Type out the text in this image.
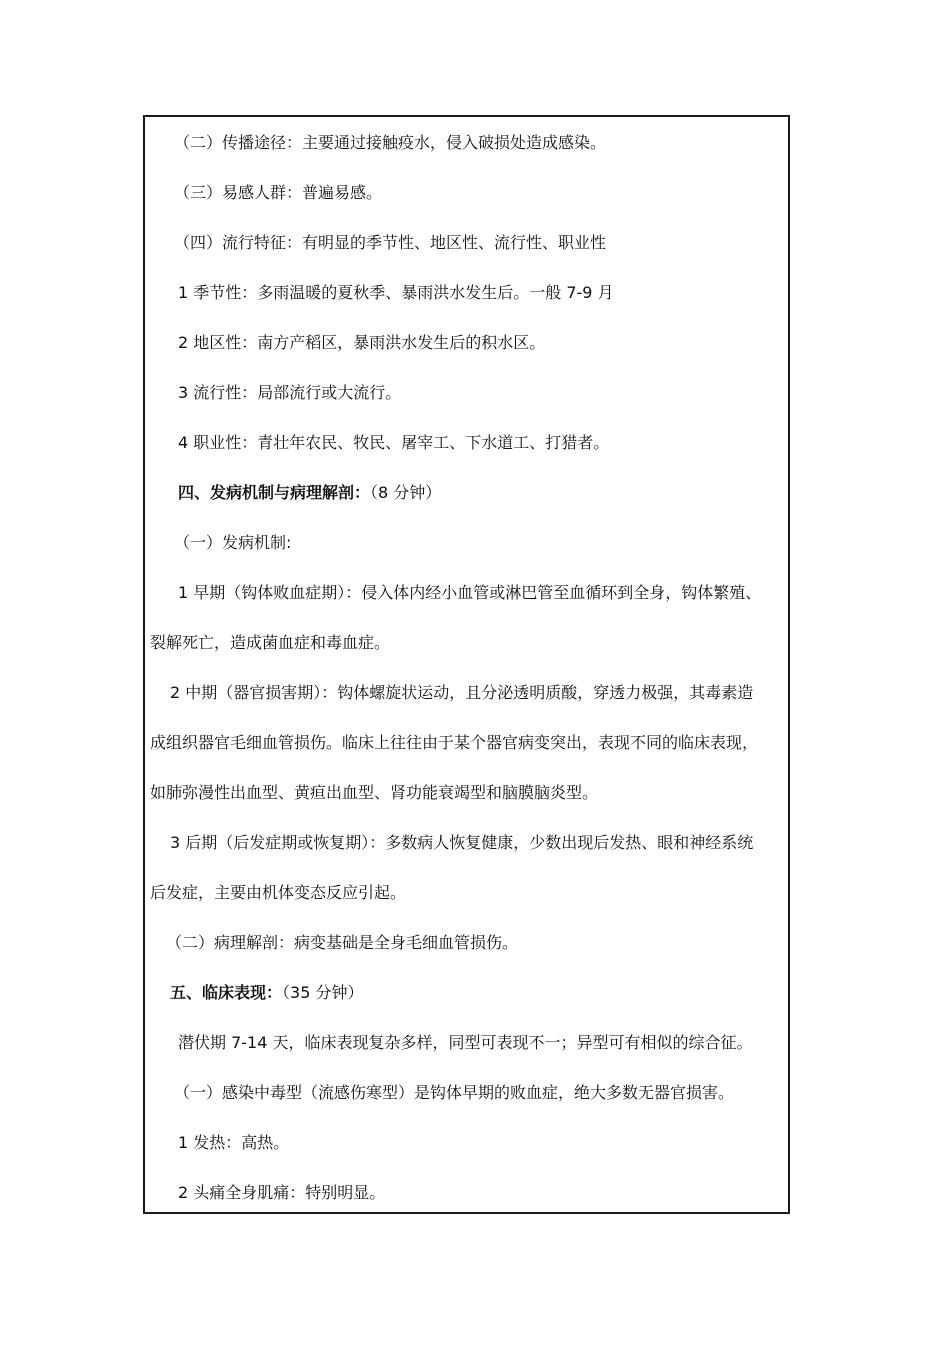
（二）传播途径：主要通过接触疫水，侵入破损处造成感染。
（三）易感人群：普遍易感。
（四）流行特征：有明显的季节性、地区性、流行性、职业性
1 季节性：多雨温暖的夏秋季、暴雨洪水发生后。一般 7-9 月
2 地区性：南方产稻区，暴雨洪水发生后的积水区。
3 流行性：局部流行或大流行。
4 职业性：青壮年农民、牧民、屠宰工、下水道工、打猎者。
四、发病机制与病理解剖：（8 分钟）
（一）发病机制:
1 早期（钩体败血症期）：侵入体内经小血管或淋巴管至血循环到全身，钩体繁殖、
裂解死亡，造成菌血症和毒血症。
2 中期（器官损害期）：钩体螺旋状运动，且分泌透明质酸，穿透力极强，其毒素造
成组织器官毛细血管损伤。临床上往往由于某个器官病变突出，表现不同的临床表现，
如肺弥漫性出血型、黄疸出血型、肾功能衰竭型和脑膜脑炎型。
3 后期（后发症期或恢复期）：多数病人恢复健康，少数出现后发热、眼和神经系统
后发症，主要由机体变态反应引起。
（二）病理解剖：病变基础是全身毛细血管损伤。
五、临床表现：（35 分钟）
潜伏期 7-14 天，临床表现复杂多样，同型可表现不一；异型可有相似的综合征。
（一）感染中毒型（流感伤寒型）是钩体早期的败血症，绝大多数无器官损害。
1 发热：高热。
2 头痛全身肌痛：特别明显。
